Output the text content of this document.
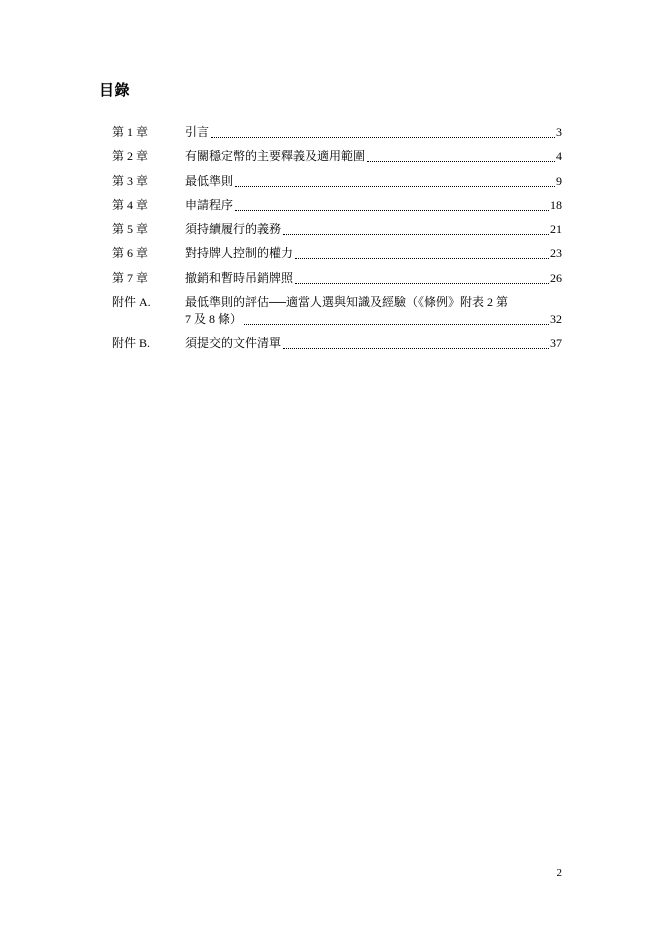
目錄
第 1 章	引言	3
第 2 章	有關穩定幣的主要釋義及適用範圍	4
第 3 章	最低準則	9
第 4 章	申請程序	18
第 5 章	須持續履行的義務	21
第 6 章	對持牌人控制的權力	23
第 7 章	撤銷和暫時吊銷牌照	26
附件 A.	最低準則的評估──適當人選與知識及經驗（《條例》附表 2 第
7 及 8 條）	32
附件 B.	須提交的文件清單	37
2
